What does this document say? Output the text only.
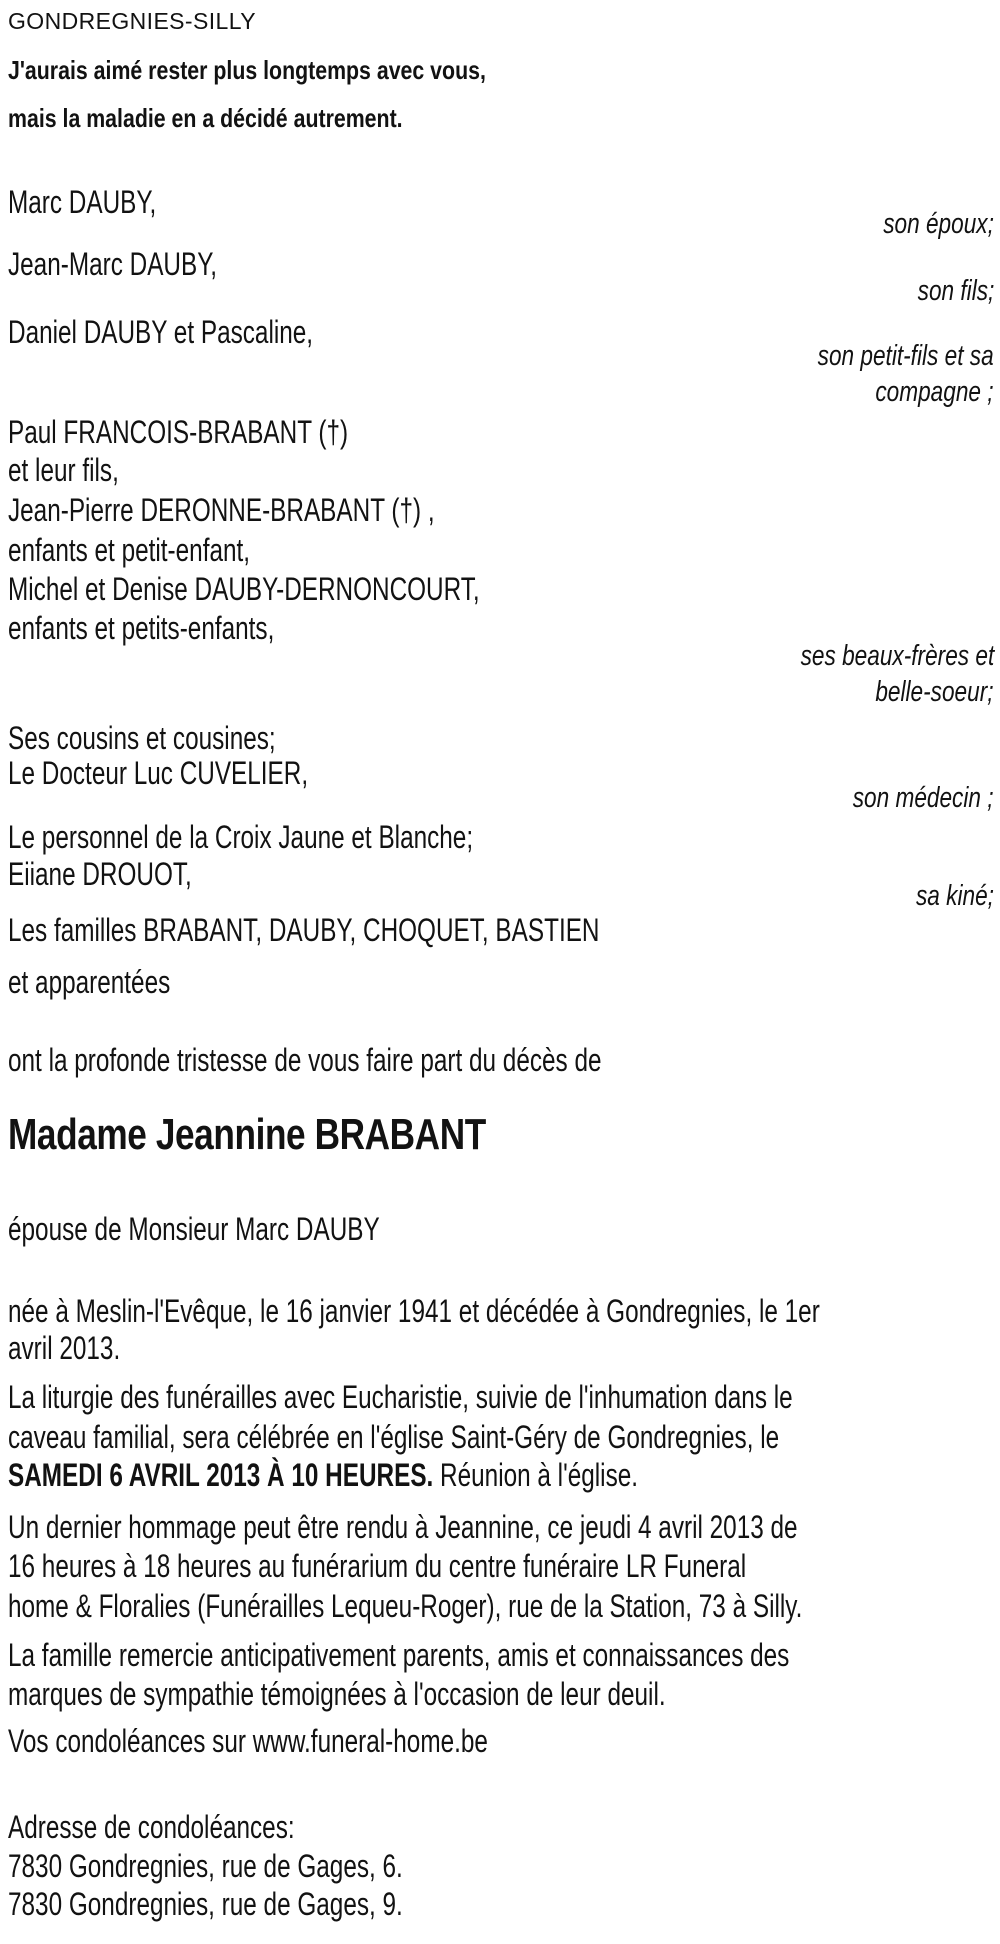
GONDREGNIES-SILLY
J'aurais aimé rester plus longtemps avec vous,
mais la maladie en a décidé autrement.
Marc DAUBY,
son époux;
Jean-Marc DAUBY,
son fils;
Daniel DAUBY et Pascaline,
son petit-fils et sa
compagne ;
Paul FRANCOIS-BRABANT (†)
et leur fils,
Jean-Pierre DERONNE-BRABANT (†) ,
enfants et petit-enfant,
Michel et Denise DAUBY-DERNONCOURT,
enfants et petits-enfants,
ses beaux-frères et
belle-soeur;
Ses cousins et cousines;
Le Docteur Luc CUVELIER,
son médecin ;
Le personnel de la Croix Jaune et Blanche;
Eiiane DROUOT,
sa kiné;
Les familles BRABANT, DAUBY, CHOQUET, BASTIEN
et apparentées
ont la profonde tristesse de vous faire part du décès de
Madame Jeannine BRABANT
épouse de Monsieur Marc DAUBY
née à Meslin-l'Evêque, le 16 janvier 1941 et décédée à Gondregnies, le 1er
avril 2013.
La liturgie des funérailles avec Eucharistie, suivie de l'inhumation dans le
caveau familial, sera célébrée en l'église Saint-Géry de Gondregnies, le
SAMEDI 6 AVRIL 2013 À 10 HEURES. Réunion à l'église.
Un dernier hommage peut être rendu à Jeannine, ce jeudi 4 avril 2013 de
16 heures à 18 heures au funérarium du centre funéraire LR Funeral
home & Floralies (Funérailles Lequeu-Roger), rue de la Station, 73 à Silly.
La famille remercie anticipativement parents, amis et connaissances des
marques de sympathie témoignées à l'occasion de leur deuil.
Vos condoléances sur www.funeral-home.be
Adresse de condoléances:
7830 Gondregnies, rue de Gages, 6.
7830 Gondregnies, rue de Gages, 9.
